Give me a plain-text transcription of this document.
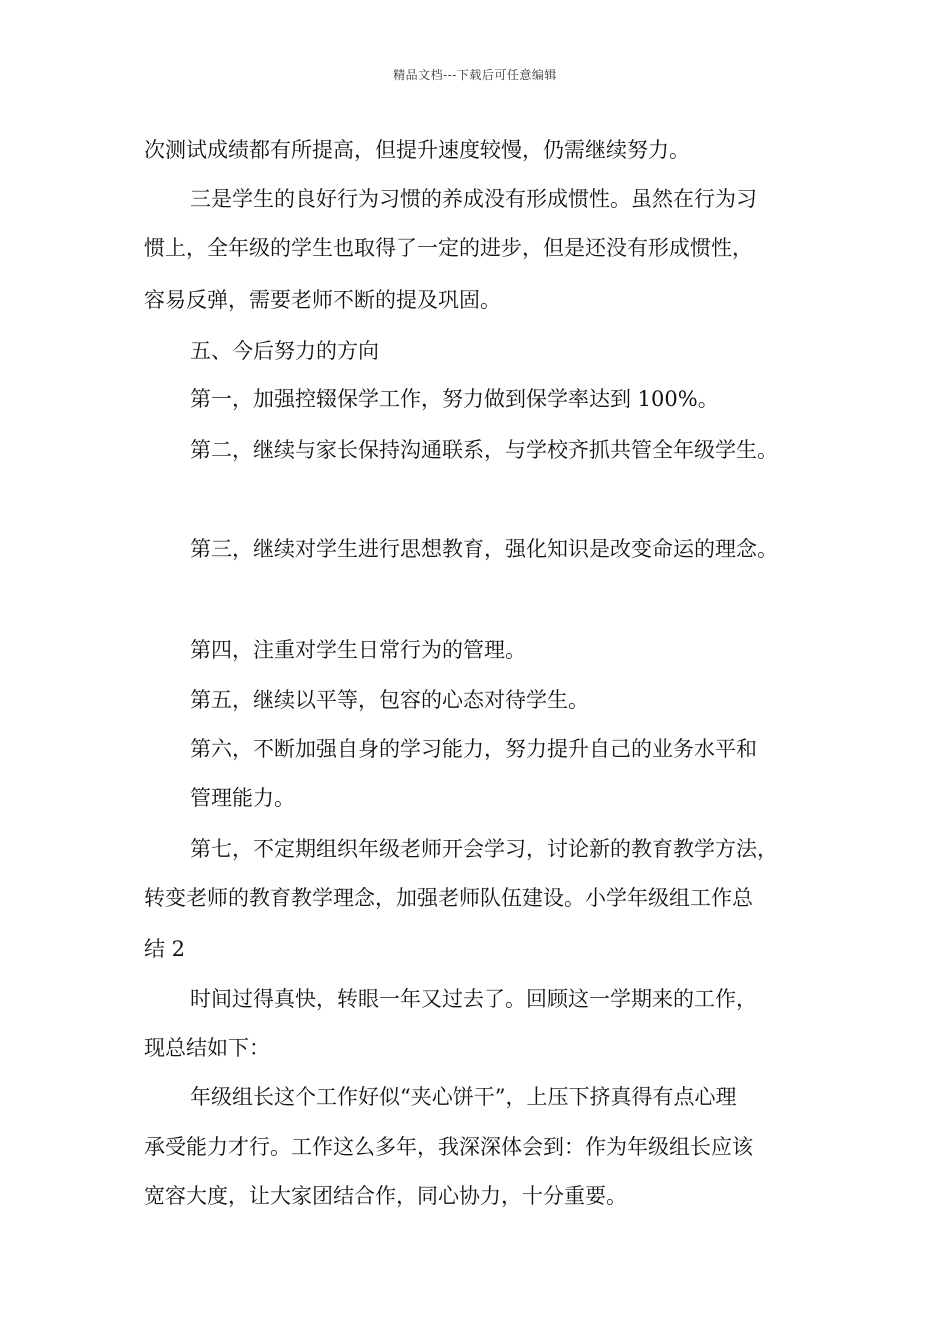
精品文档---下载后可任意编辑
次测试成绩都有所提高，但提升速度较慢，仍需继续努力。
三是学生的良好行为习惯的养成没有形成惯性。虽然在行为习
惯上，全年级的学生也取得了一定的进步，但是还没有形成惯性，
容易反弹，需要老师不断的提及巩固。
五、今后努力的方向
第一，加强控辍保学工作，努力做到保学率达到 100%。
第二，继续与家长保持沟通联系，与学校齐抓共管全年级学生。
第三，继续对学生进行思想教育，强化知识是改变命运的理念。
第四，注重对学生日常行为的管理。
第五，继续以平等，包容的心态对待学生。
第六，不断加强自身的学习能力，努力提升自己的业务水平和
管理能力。
第七，不定期组织年级老师开会学习，讨论新的教育教学方法，
转变老师的教育教学理念，加强老师队伍建设。小学年级组工作总
结 2
时间过得真快，转眼一年又过去了。回顾这一学期来的工作，
现总结如下：
年级组长这个工作好似“夹心饼干”，上压下挤真得有点心理
承受能力才行。工作这么多年，我深深体会到：作为年级组长应该
宽容大度，让大家团结合作，同心协力，十分重要。
